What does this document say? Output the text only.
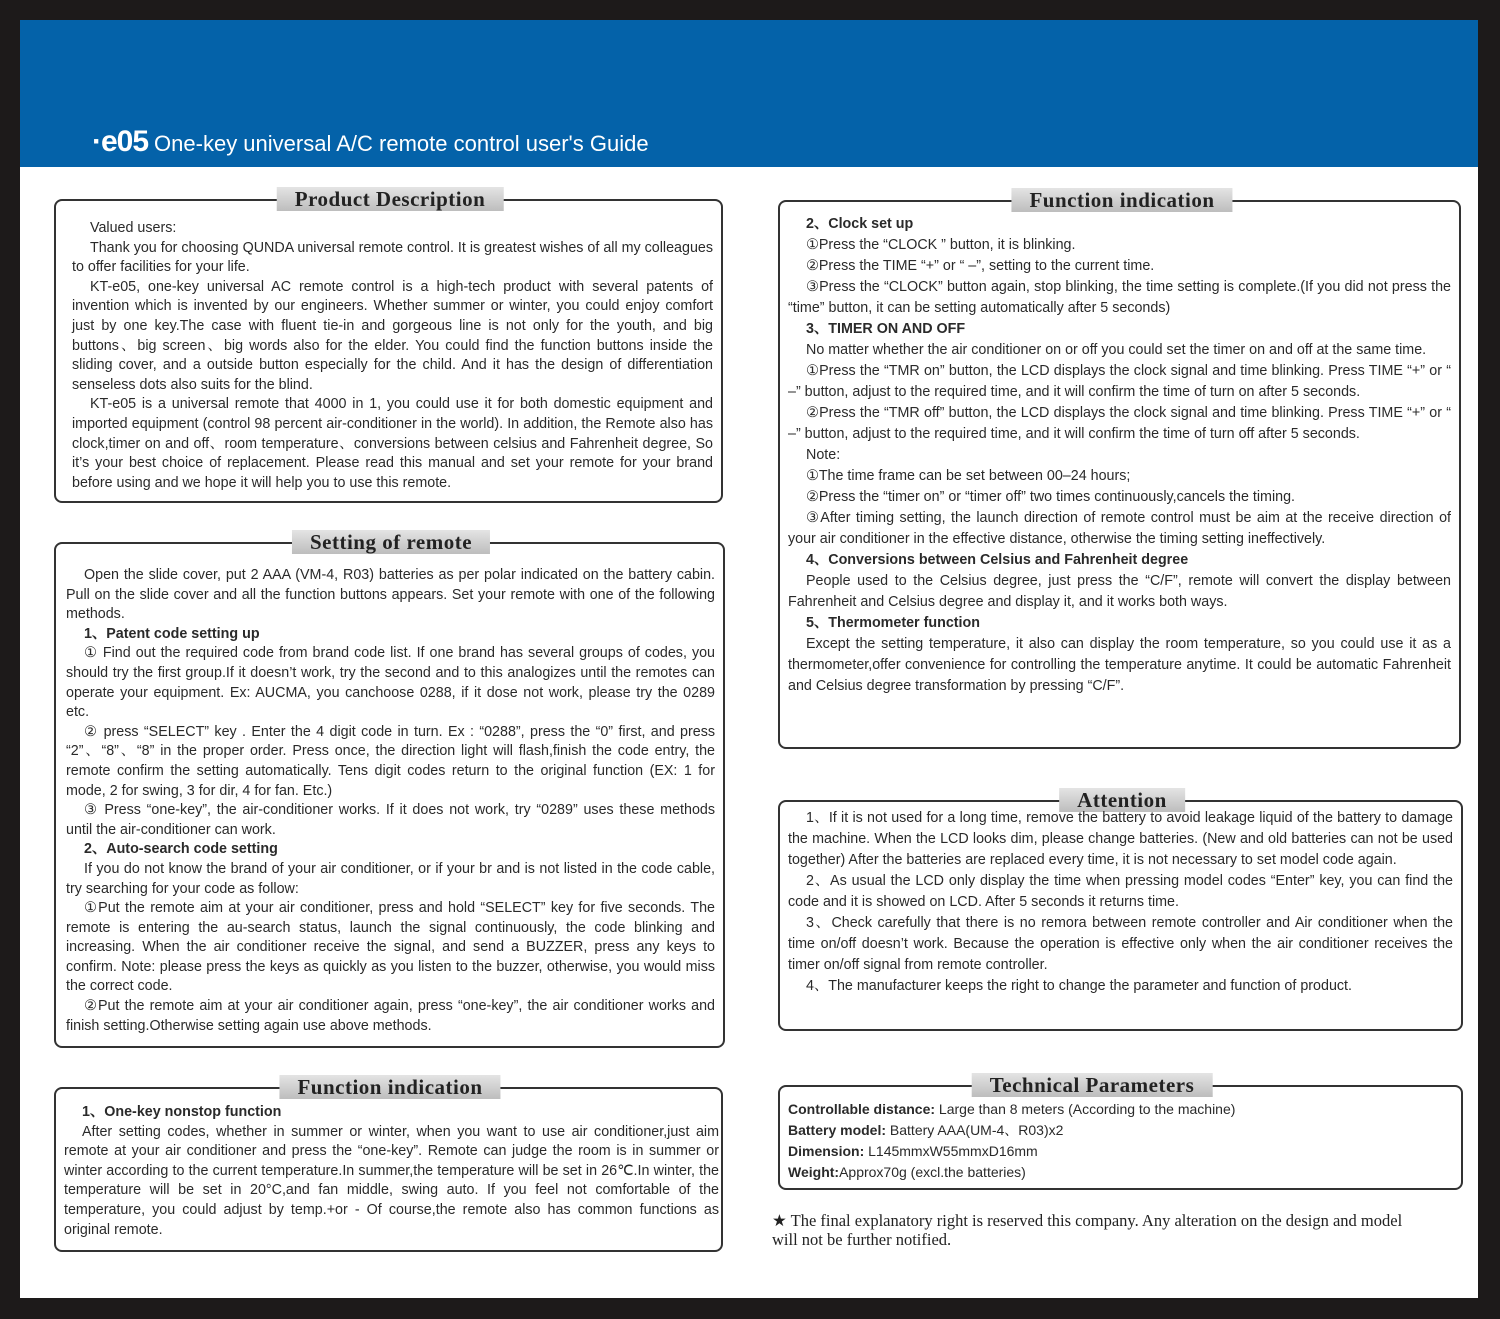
·e05 One-key universal A/C remote control user's Guide
Product Description

Valued users:

Thank you for choosing QUNDA universal remote control. It is greatest wishes of all my colleagues to offer facilities for your life.

KT-e05, one-key universal AC remote control is a high-tech product with several patents of invention which is invented by our engineers. Whether summer or winter, you could enjoy comfort just by one key.The case with fluent tie-in and gorgeous line is not only for the youth, and big buttons、big screen、big words also for the elder. You could find the function buttons inside the sliding cover, and a outside button especially for the child. And it has the design of differentiation senseless dots also suits for the blind.

KT-e05 is a universal remote that 4000 in 1, you could use it for both domestic equipment and imported equipment (control 98 percent air-conditioner in the world). In addition, the Remote also has clock,timer on and off、room temperature、conversions between celsius and Fahrenheit degree, So it’s your best choice of replacement. Please read this manual and set your remote for your brand before using and we hope it will help you to use this remote.

Setting of remote

Open the slide cover, put 2 AAA (VM-4, R03) batteries as per polar indicated on the battery cabin. Pull on the slide cover and all the function buttons appears. Set your remote with one of the following methods.

1、Patent code setting up

① Find out the required code from brand code list. If one brand has several groups of codes, you should try the first group.If it doesn’t work, try the second and to this analogizes until the remotes can operate your equipment. Ex: AUCMA, you canchoose 0288, if it dose not work, please try the 0289 etc.

② press “SELECT” key . Enter the 4 digit code in turn. Ex : “0288”, press the “0” first, and press “2”、“8”、“8” in the proper order. Press once, the direction light will flash,finish the code entry, the remote confirm the setting automatically. Tens digit codes return to the original function (EX: 1 for mode, 2 for swing, 3 for dir, 4 for fan. Etc.)

③ Press “one-key”, the air-conditioner works. If it does not work, try “0289” uses these methods until the air-conditioner can work.

2、Auto-search code setting

If you do not know the brand of your air conditioner, or if your br and is not listed in the code cable, try searching for your code as follow:

①Put the remote aim at your air conditioner, press and hold “SELECT” key for five seconds. The remote is entering the au-search status, launch the signal continuously, the code blinking and increasing. When the air conditioner receive the signal, and send a BUZZER, press any keys to confirm. Note: please press the keys as quickly as you listen to the buzzer, otherwise, you would miss the correct code.

②Put the remote aim at your air conditioner again, press “one-key”, the air conditioner works and finish setting.Otherwise setting again use above methods.

Function indication

1、One-key nonstop function

After setting codes, whether in summer or winter, when you want to use air conditioner,just aim remote at your air conditioner and press the “one-key”. Remote can judge the room is in summer or winter according to the current temperature.In summer,the temperature will be set in 26℃.In winter, the temperature will be set in 20°C,and fan middle, swing auto. If you feel not comfortable of the temperature, you could adjust by temp.+or - Of course,the remote also has common functions as original remote.

Function indication

2、Clock set up

①Press the “CLOCK ” button, it is blinking.

②Press the TIME “+” or “ –”, setting to the current time.

③Press the “CLOCK” button again, stop blinking, the time setting is complete.(If you did not press the “time” button, it can be setting automatically after 5 seconds)

3、TIMER ON AND OFF

No matter whether the air conditioner on or off you could set the timer on and off at the same time.

①Press the “TMR on” button, the LCD displays the clock signal and time blinking. Press TIME “+” or “ –” button, adjust to the required time, and it will confirm the time of turn on after 5 seconds.

②Press the “TMR off” button, the LCD displays the clock signal and time blinking. Press TIME “+” or “ –” button, adjust to the required time, and it will confirm the time of turn off after 5 seconds.

Note:

①The time frame can be set between 00–24 hours;

②Press the “timer on” or “timer off” two times continuously,cancels the timing.

③After timing setting, the launch direction of remote control must be aim at the receive direction of your air conditioner in the effective distance, otherwise the timing setting ineffectively.

4、Conversions between Celsius and Fahrenheit degree

People used to the Celsius degree, just press the “C/F”, remote will convert the display between Fahrenheit and Celsius degree and display it, and it works both ways.

5、Thermometer function

Except the setting temperature, it also can display the room temperature, so you could use it as a thermometer,offer convenience for controlling the temperature anytime. It could be automatic Fahrenheit and Celsius degree transformation by pressing “C/F”.

Attention

1、If it is not used for a long time, remove the battery to avoid leakage liquid of the battery to damage the machine. When the LCD looks dim, please change batteries. (New and old batteries can not be used together) After the batteries are replaced every time, it is not necessary to set model code again.

2、As usual the LCD only display the time when pressing model codes “Enter” key, you can find the code and it is showed on LCD. After 5 seconds it returns time.

3、Check carefully that there is no remora between remote controller and Air conditioner when the time on/off doesn’t work. Because the operation is effective only when the air conditioner receives the timer on/off signal from remote controller.

4、The manufacturer keeps the right to change the parameter and function of product.

Technical Parameters
Controllable distance: Large than 8 meters (According to the machine)
Battery model: Battery AAA(UM-4、R03)x2
Dimension: L145mmxW55mmxD16mm
Weight:Approx70g (excl.the batteries)
★ The final explanatory right is reserved this company. Any alteration on the design and model will not be further notified.
